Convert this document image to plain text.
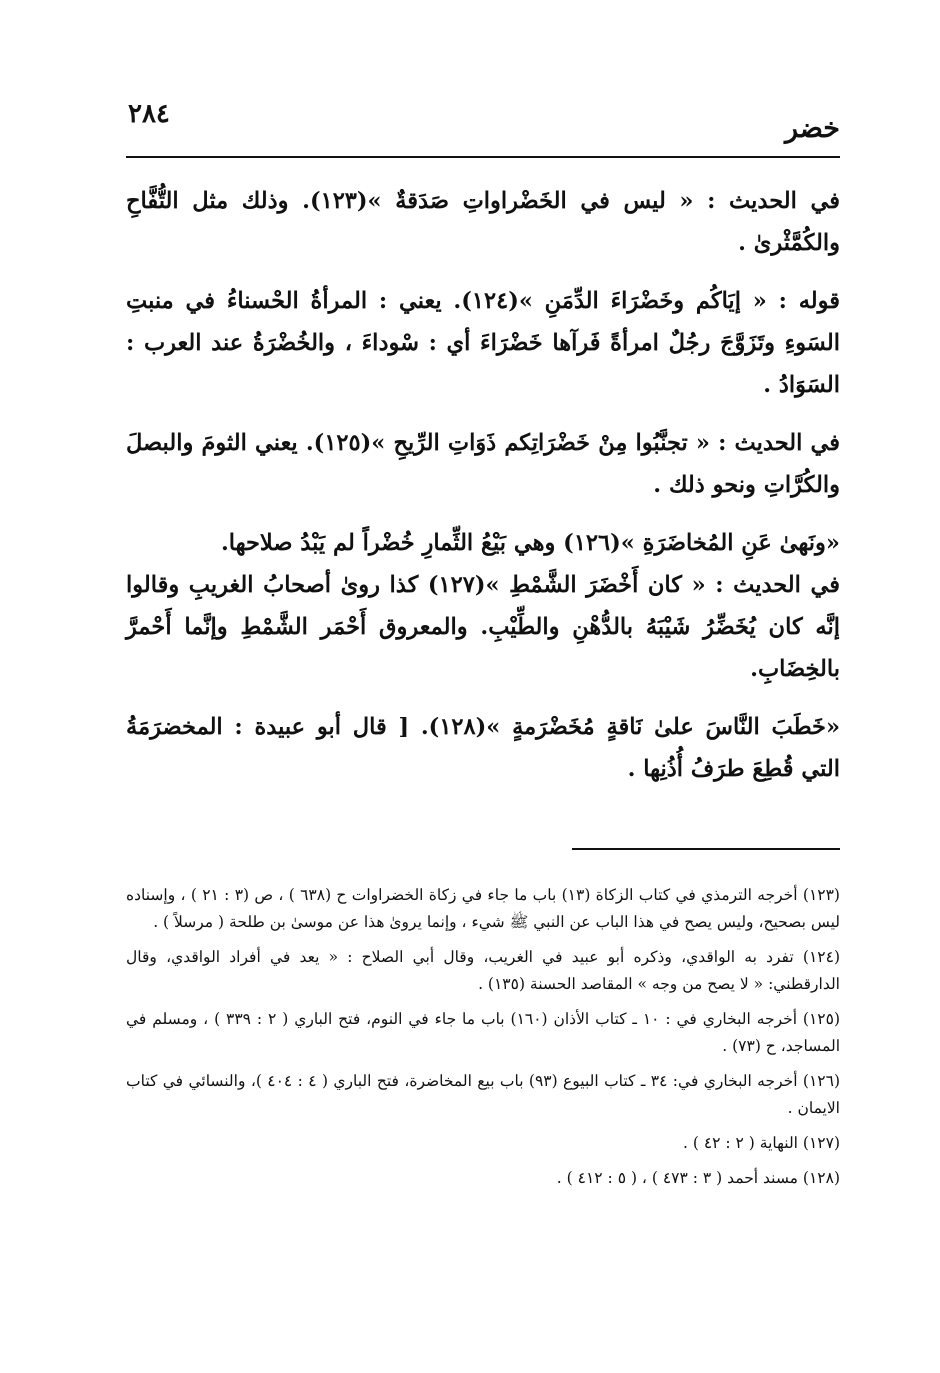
خضر
٢٨٤

في الحديث : « ليس في الخَضْراواتِ صَدَقةٌ »(١٢٣). وذلك مثل التُّفَّاحِ والكُمَّثْرىٰ .

قوله : « إيَاكُم وخَضْرَاءَ الدِّمَنِ »(١٢٤). يعني : المرأةُ الحْسناءُ في منبتِ السَوءِ وتَزَوَّجَ رجُلٌ امرأةً فَرآها خَضْرَاءَ أي : سْوداءَ ، والخُضْرَةُ عند العرب : السَوَادُ .

في الحديث : « تجنَّبُوا مِنْ خَضْرَاتِكم ذَوَاتِ الرِّيحِ »(١٢٥). يعني الثومَ والبصلَ والكُرَّاتِ ونحو ذلك .

«ونَهىٰ عَنِ المُخاضَرَةِ »(١٢٦) وهي بَيْعُ الثِّمارِ خُضْراً لم يَبْدُ صلاحها.

في الحديث : « كان أَخْضَرَ الشَّمْطِ »(١٢٧) كذا روىٰ أصحابُ الغريبِ وقالوا إنَّه كان يُخَضِّرُ شَيْبَهُ بالدُّهْنِ والطِّيْبِ. والمعروق أَحْمَر الشَّمْطِ وإنَّما أَحْمرَّ بالخِضَابِ.

«خَطَبَ النَّاسَ علىٰ نَاقةٍ مُخَضْرَمةٍ »(١٢٨). [ قال أبو عبيدة : المخضرَمَةُ التي قُطِعَ طرَفُ أُذُنِها .

(١٢٣) أخرجه الترمذي في كتاب الزكاة (١٣) باب ما جاء في زكاة الخضراوات ح (٦٣٨ ) ، ص (٣ : ٢١ ) ، وإسناده ليس بصحيح، وليس يصح في هذا الباب عن النبي ﷺ شيء ، وإنما يروىٰ هذا عن موسىٰ بن طلحة ( مرسلاً ) .

(١٢٤) تفرد به الواقدي، وذكره أبو عبيد في الغريب، وقال أبي الصلاح : « يعد في أفراد الواقدي، وقال الدارقطني: « لا يصح من وجه » المقاصد الحسنة (١٣٥) .

(١٢٥) أخرجه البخاري في : ١٠ ـ كتاب الأذان (١٦٠) باب ما جاء في النوم، فتح الباري ( ٢ : ٣٣٩ ) ، ومسلم في المساجد، ح (٧٣) .

(١٢٦) أخرجه البخاري في: ٣٤ ـ كتاب البيوع (٩٣) باب بيع المخاضرة، فتح الباري ( ٤ : ٤٠٤ )، والنسائي في كتاب الايمان .

(١٢٧) النهاية ( ٢ : ٤٢ ) .

(١٢٨) مسند أحمد ( ٣ : ٤٧٣ ) ، ( ٥ : ٤١٢ ) .
